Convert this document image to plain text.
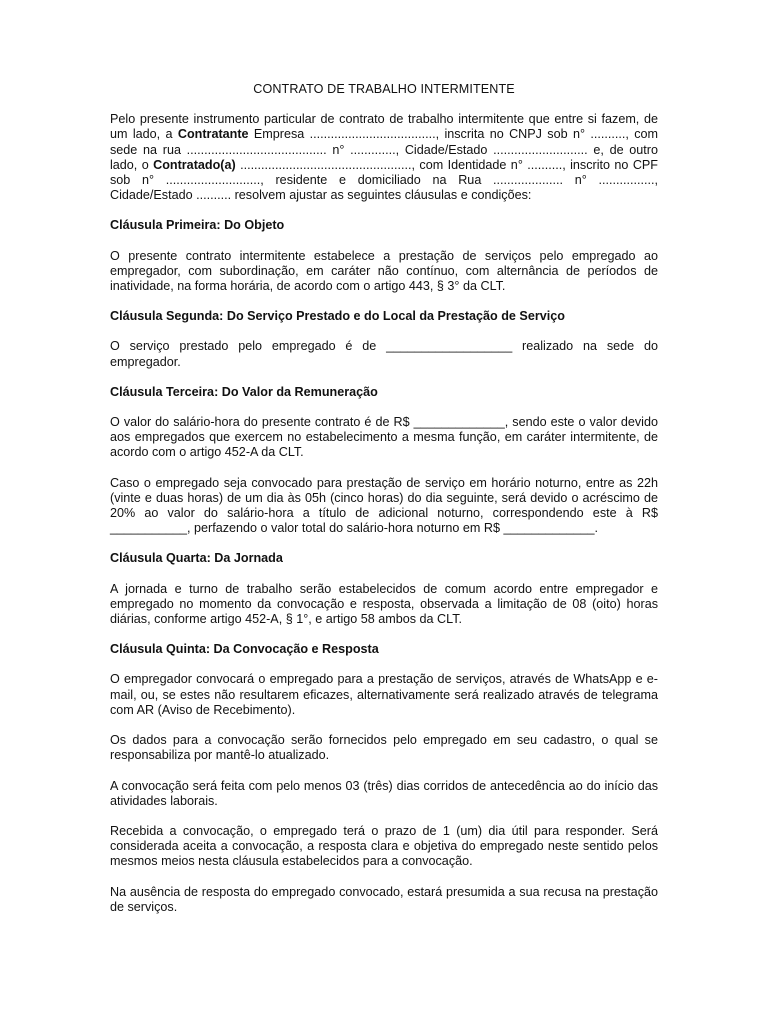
CONTRATO DE TRABALHO INTERMITENTE

Pelo presente instrumento particular de contrato de trabalho intermitente que entre si fazem, de um lado, a Contratante Empresa ...................................., inscrita no CNPJ sob n° .........., com sede na rua ........................................ n° ............., Cidade/Estado ........................... e, de outro lado, o Contratado(a) ................................................., com Identidade n° .........., inscrito no CPF sob n° ..........................., residente e domiciliado na Rua .................... n° ................, Cidade/Estado .......... resolvem ajustar as seguintes cláusulas e condições:

Cláusula Primeira: Do Objeto

O presente contrato intermitente estabelece a prestação de serviços pelo empregado ao empregador, com subordinação, em caráter não contínuo, com alternância de períodos de inatividade, na forma horária, de acordo com o artigo 443, § 3° da CLT.

Cláusula Segunda: Do Serviço Prestado e do Local da Prestação de Serviço

O serviço prestado pelo empregado é de __________________ realizado na sede do empregador.

Cláusula Terceira: Do Valor da Remuneração

O valor do salário-hora do presente contrato é de R$ _____________, sendo este o valor devido aos empregados que exercem no estabelecimento a mesma função, em caráter intermitente, de acordo com o artigo 452-A da CLT.

Caso o empregado seja convocado para prestação de serviço em horário noturno, entre as 22h (vinte e duas horas) de um dia às 05h (cinco horas) do dia seguinte, será devido o acréscimo de 20% ao valor do salário-hora a título de adicional noturno, correspondendo este à R$ ___________, perfazendo o valor total do salário-hora noturno em R$ _____________.

Cláusula Quarta: Da Jornada

A jornada e turno de trabalho serão estabelecidos de comum acordo entre empregador e empregado no momento da convocação e resposta, observada a limitação de 08 (oito) horas diárias, conforme artigo 452-A, § 1°, e artigo 58 ambos da CLT.

Cláusula Quinta: Da Convocação e Resposta

O empregador convocará o empregado para a prestação de serviços, através de WhatsApp e e-mail, ou, se estes não resultarem eficazes, alternativamente será realizado através de telegrama com AR (Aviso de Recebimento).

Os dados para a convocação serão fornecidos pelo empregado em seu cadastro, o qual se responsabiliza por mantê-lo atualizado.

A convocação será feita com pelo menos 03 (três) dias corridos de antecedência ao do início das atividades laborais.

Recebida a convocação, o empregado terá o prazo de 1 (um) dia útil para responder. Será considerada aceita a convocação, a resposta clara e objetiva do empregado neste sentido pelos mesmos meios nesta cláusula estabelecidos para a convocação.

Na ausência de resposta do empregado convocado, estará presumida a sua recusa na prestação de serviços.
